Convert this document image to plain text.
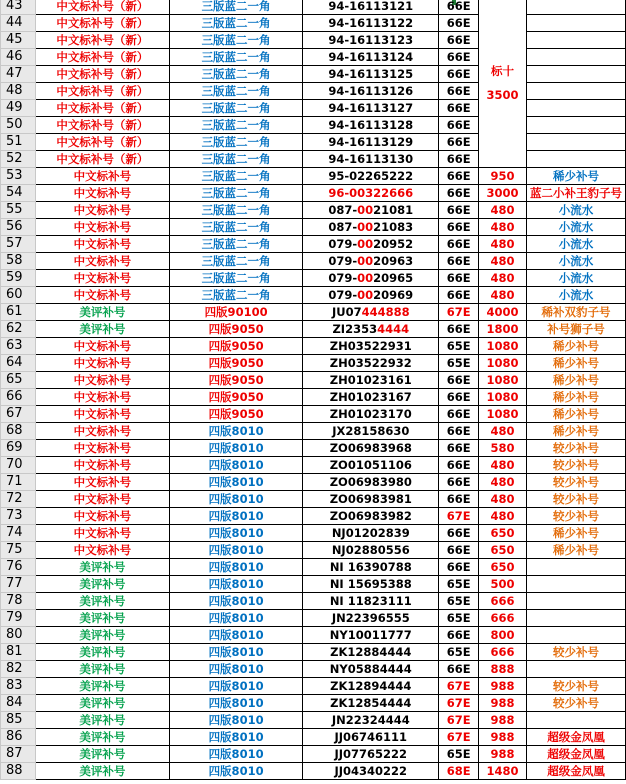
43	中文标补号（新）	三版蓝二一角	94-16113121	66E	标十
3500	

44	中文标补号（新）	三版蓝二一角	94-16113122	66E		
45	中文标补号（新）	三版蓝二一角	94-16113123	66E		
46	中文标补号（新）	三版蓝二一角	94-16113124	66E		
47	中文标补号（新）	三版蓝二一角	94-16113125	66E		
48	中文标补号（新）	三版蓝二一角	94-16113126	66E		
49	中文标补号（新）	三版蓝二一角	94-16113127	66E		
50	中文标补号（新）	三版蓝二一角	94-16113128	66E		
51	中文标补号（新）	三版蓝二一角	94-16113129	66E		
52	中文标补号（新）	三版蓝二一角	94-16113130	66E		
53	中文标补号	三版蓝二一角	95-02265222	66E	950	稀少补号
54	中文标补号	三版蓝二一角	96-00322666	66E	3000	蓝二小补王豹子号
55	中文标补号	三版蓝二一角	087-0021081	66E	480	小流水
56	中文标补号	三版蓝二一角	087-0021083	66E	480	小流水
57	中文标补号	三版蓝二一角	079-0020952	66E	480	小流水
58	中文标补号	三版蓝二一角	079-0020963	66E	480	小流水
59	中文标补号	三版蓝二一角	079-0020965	66E	480	小流水
60	中文标补号	三版蓝二一角	079-0020969	66E	480	小流水
61	美评补号	四版90100	JU07444888	67E	4000	稀补双豹子号
62	美评补号	四版9050	ZI23534444	66E	1800	补号狮子号
63	中文标补号	四版9050	ZH03522931	65E	1080	稀少补号
64	中文标补号	四版9050	ZH03522932	65E	1080	稀少补号
65	中文标补号	四版9050	ZH01023161	66E	1080	稀少补号
66	中文标补号	四版9050	ZH01023167	66E	1080	稀少补号
67	中文标补号	四版9050	ZH01023170	66E	1080	稀少补号
68	中文标补号	四版8010	JX28158630	66E	480	稀少补号
69	中文标补号	四版8010	ZO06983968	66E	580	较少补号
70	中文标补号	四版8010	ZO01051106	66E	480	较少补号
71	中文标补号	四版8010	ZO06983980	66E	480	较少补号
72	中文标补号	四版8010	ZO06983981	66E	480	较少补号
73	中文标补号	四版8010	ZO06983982	67E	480	较少补号
74	中文标补号	四版8010	NJ01202839	66E	650	稀少补号
75	中文标补号	四版8010	NJ02880556	66E	650	稀少补号
76	美评补号	四版8010	NI 16390788	66E	650	
77	美评补号	四版8010	NI 15695388	65E	500	
78	美评补号	四版8010	NI 11823111	65E	666	
79	美评补号	四版8010	JN22396555	65E	666	
80	美评补号	四版8010	NY10011777	66E	800	
81	美评补号	四版8010	ZK12884444	65E	666	较少补号
82	美评补号	四版8010	NY05884444	66E	888	
83	美评补号	四版8010	ZK12894444	67E	988	较少补号
84	美评补号	四版8010	ZK12854444	67E	988	较少补号
85	美评补号	四版8010	JN22324444	67E	988	
86	美评补号	四版8010	JJ06746111	67E	988	超级金凤凰
87	美评补号	四版8010	JJ07765222	65E	988	超级金凤凰
88	美评补号	四版8010	JJ04340222	68E	1480	超级金凤凰
